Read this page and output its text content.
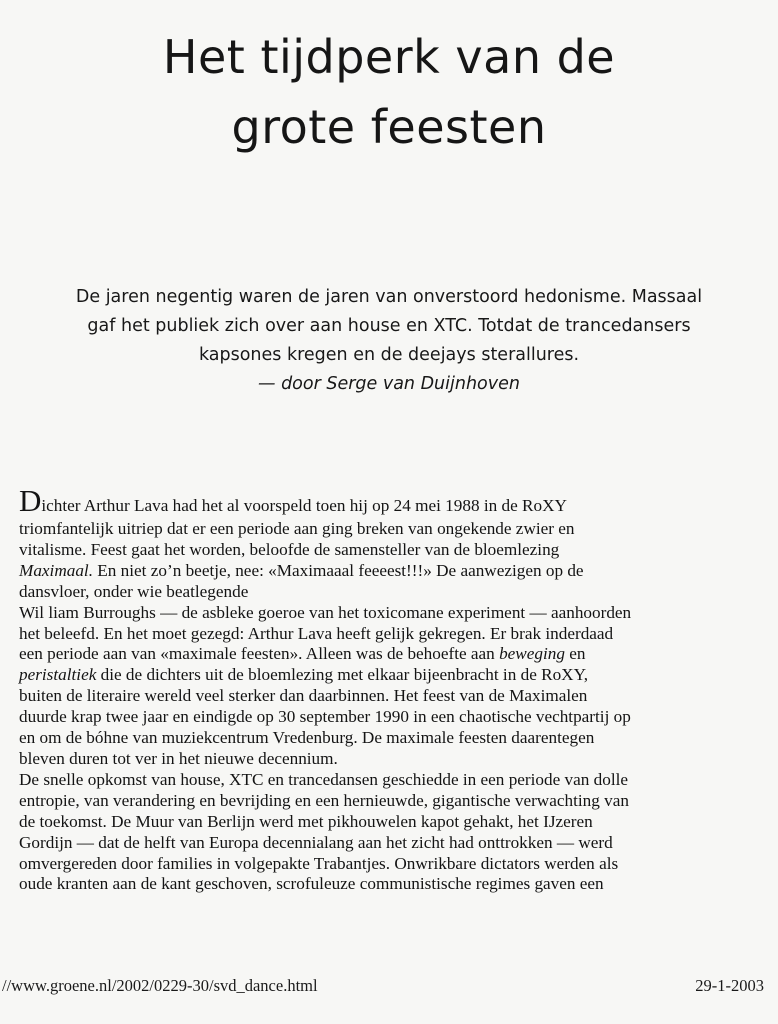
Het tijdperk van de
grote feesten
De jaren negentig waren de jaren van onverstoord hedonisme. Massaal
gaf het publiek zich over aan house en XTC. Totdat de trancedansers
kapsones kregen en de deejays sterallures.
— door Serge van Duijnhoven
Dichter Arthur Lava had het al voorspeld toen hij op 24 mei 1988 in de RoXY
triomfantelijk uitriep dat er een periode aan ging breken van ongekende zwier en
vitalisme. Feest gaat het worden, beloofde de samensteller van de bloemlezing
Maximaal. En niet zo’n beetje, nee: «Maximaaal feeeest!!!» De aanwezigen op de
dansvloer, onder wie beatlegende
Wil liam Burroughs — de asbleke goeroe van het toxicomane experiment — aanhoorden
het beleefd. En het moet gezegd: Arthur Lava heeft gelijk gekregen. Er brak inderdaad
een periode aan van «maximale feesten». Alleen was de behoefte aan beweging en
peristaltiek die de dichters uit de bloemlezing met elkaar bijeenbracht in de RoXY,
buiten de literaire wereld veel sterker dan daarbinnen. Het feest van de Maximalen
duurde krap twee jaar en eindigde op 30 september 1990 in een chaotische vechtpartij op
en om de bóhne van muziekcentrum Vredenburg. De maximale feesten daarentegen
bleven duren tot ver in het nieuwe decennium.
De snelle opkomst van house, XTC en trancedansen geschiedde in een periode van dolle
entropie, van verandering en bevrijding en een hernieuwde, gigantische verwachting van
de toekomst. De Muur van Berlijn werd met pikhouwelen kapot gehakt, het IJzeren
Gordijn — dat de helft van Europa decennialang aan het zicht had onttrokken — werd
omvergereden door families in volgepakte Trabantjes. Onwrikbare dictators werden als
oude kranten aan de kant geschoven, scrofuleuze communistische regimes gaven een
//www.groene.nl/2002/0229-30/svd_dance.html	29-1-2003
